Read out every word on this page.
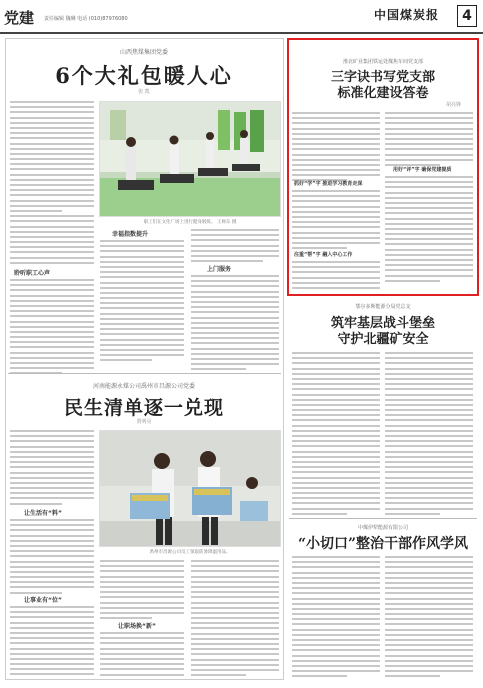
党建 责任编辑 魏琳 电话 (010)87976080	中国煤炭报	4
山西焦煤集团党委
6个大礼包暖人心
张 凯
聆听职工心声
职工们在文化广场上进行健身锻炼。 王帅东 摄
幸福指数提升
上门服务
河南能源永煤公司禹州市昌源公司党委
民生清单逐一兑现
贾明亮
让生活有“料”
让事业有“位”
禹州市昌源公司员工领取防暑降温用品。
让职场换“新”
淮北矿业集团铁运处煤焦车间党支部
三字诀书写党支部
标准化建设答卷
胡亮锋
抓好“学”字 推进学习教育走深
注重“帮”字 融入中心工作
用好“评”字 确保党建提质
鄂尔多斯能源分局党总支
筑牢基层战斗堡垒
守护北疆矿安全
中煤伊犁能源有限公司
“小切口”整治干部作风学风
